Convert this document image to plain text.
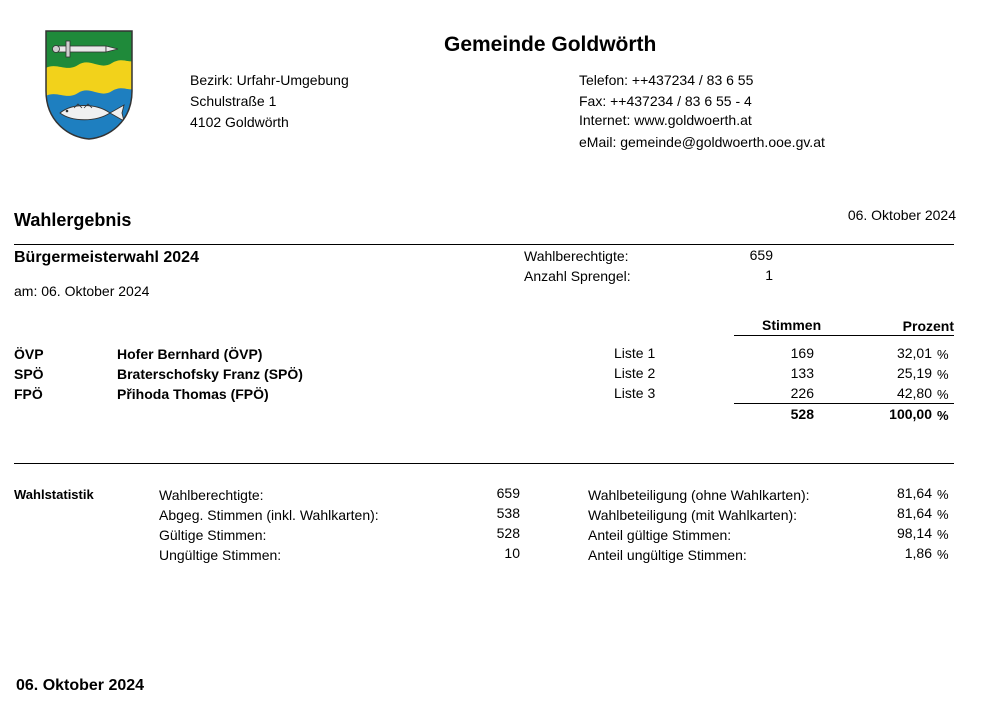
Gemeinde Goldwörth
Bezirk: Urfahr-Umgebung
Schulstraße 1
4102 Goldwörth
Telefon: ++437234 / 83 6 55
Fax: ++437234 / 83 6 55 - 4
Internet: www.goldwoerth.at
eMail: gemeinde@goldwoerth.ooe.gv.at
Wahlergebnis	06. Oktober 2024
Bürgermeisterwahl 2024
am: 06. Oktober 2024
Wahlberechtigte:	659
Anzahl Sprengel:	1
Stimmen	Prozent
ÖVP	Hofer Bernhard (ÖVP)	Liste 1	169	32,01 %
SPÖ	Braterschofsky Franz (SPÖ)	Liste 2	133	25,19 %
FPÖ	Přihoda Thomas (FPÖ)	Liste 3	226	42,80 %
528	100,00 %
Wahlstatistik	Wahlberechtigte:	659
Abgeg. Stimmen (inkl. Wahlkarten):	538
Gültige Stimmen:	528
Ungültige Stimmen:	10
Wahlbeteiligung (ohne Wahlkarten):	81,64 %
Wahlbeteiligung (mit Wahlkarten):	81,64 %
Anteil gültige Stimmen:	98,14 %
Anteil ungültige Stimmen:	1,86 %
06. Oktober 2024
